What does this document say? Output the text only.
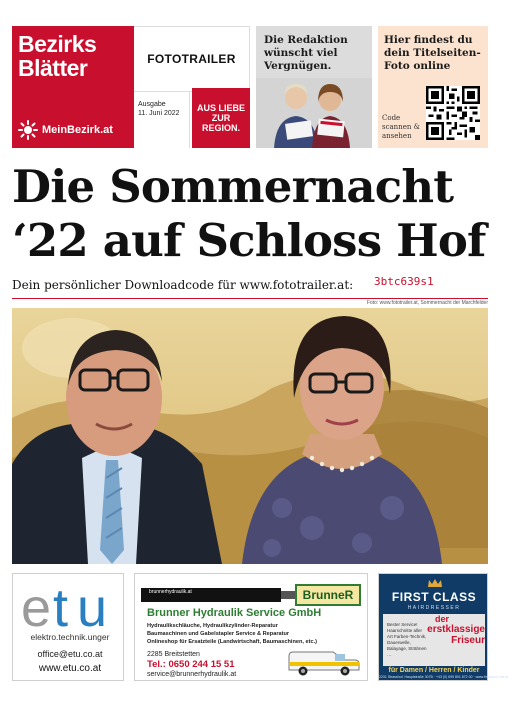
Bezirks
Blätter
MeinBezirk.at
FOTOTRAILER
Ausgabe
11. Juni 2022
AUS LIEBE ZUR REGION.
Die Redaktion wünscht viel Vergnügen.
Hier findest du dein Titelseiten-Foto online
Code scannen & ansehen
Die Sommernacht
‘22 auf Schloss Hof
Dein persönlicher Downloadcode für www.fototrailer.at:	3btc639s1
Foto: www.fototrailer.at, Sommernacht der Marchfelder
e t u
elektro.technik.unger
office@etu.co.at
www.etu.co.at
brunnerhydraulik.at	BrunneR
Brunner Hydraulik Service GmbH
Hydraulikschläuche, Hydraulikzylinder-Reparatur
Baumaschinen und Gabelstapler Service & Reparatur
Onlineshop für Ersatzteile (Landwirtschaft, Baumaschinen, etc.)
2285 Breitstetten
Tel.: 0650 244 15 51
service@brunnerhydraulik.at
FIRST CLASS
HAIRDRESSER
Bester Service! Haarschnitte aller Art Farben-Technik, Dauerwelle, Balayage, Strähnen …
der
erstklassige
Friseur
für Damen / Herren / Kinder
2231 Strasshof, Hauptstraße 307B · +43 (0) 699 801 872 00 · www.firstclass-hair.at
